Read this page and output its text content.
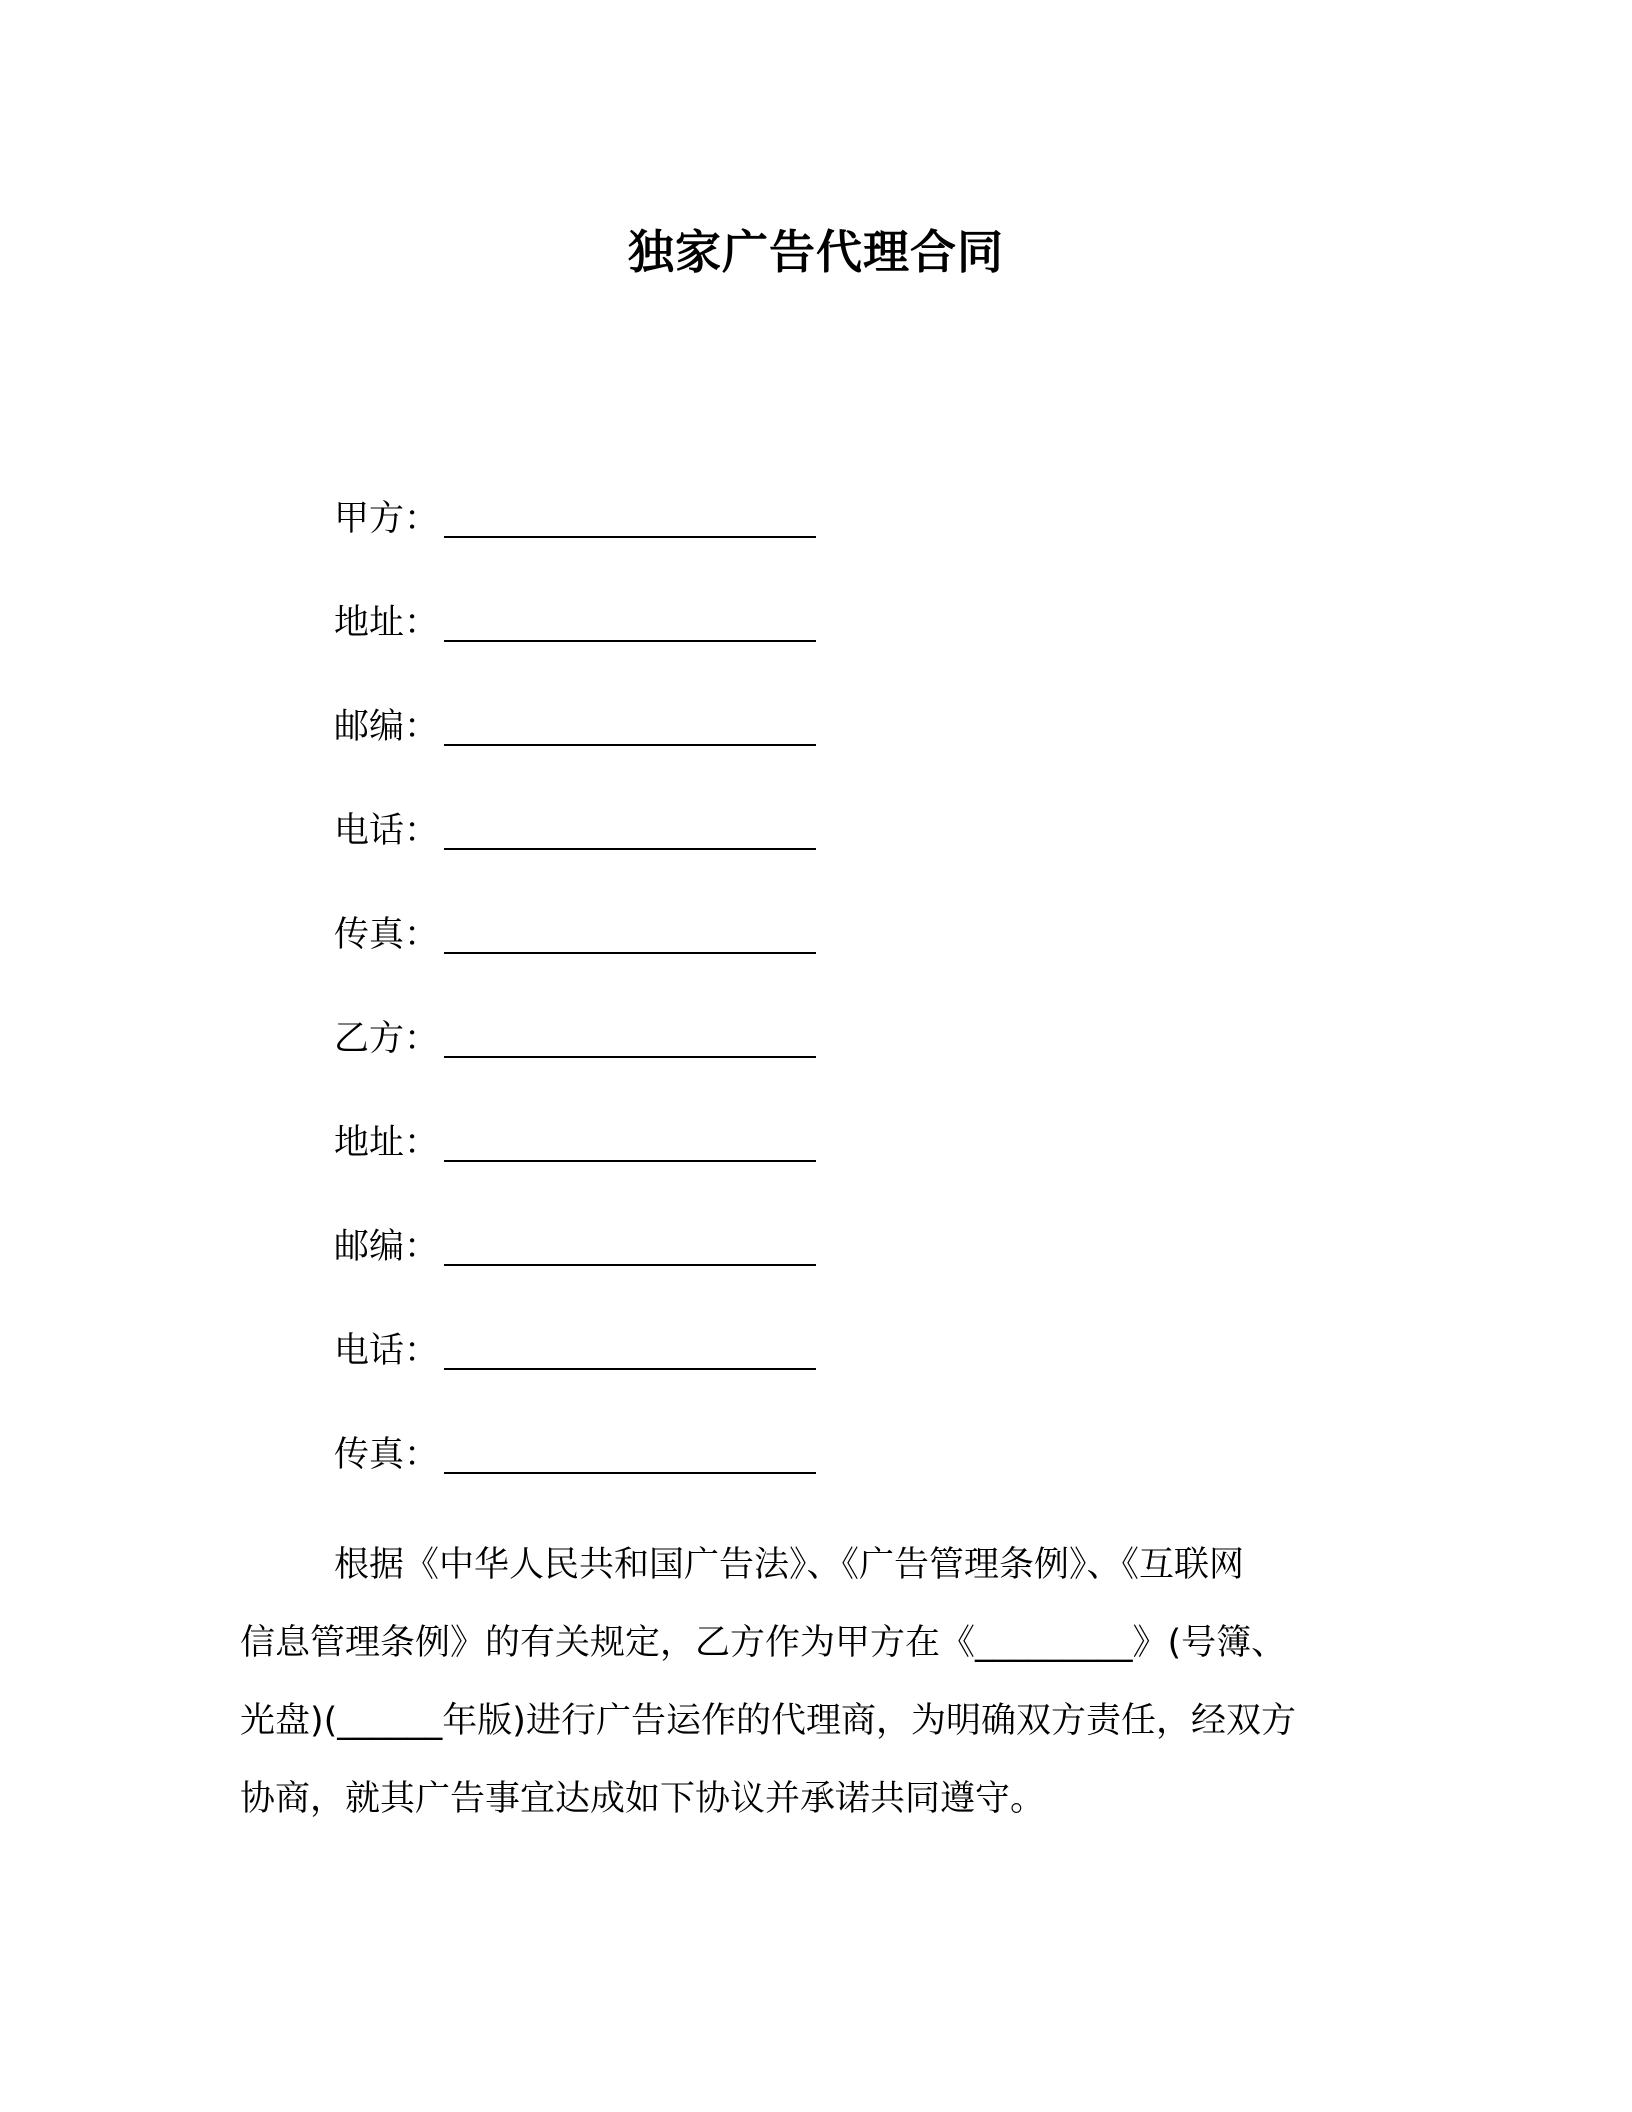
独家广告代理合同
甲方：
地址：
邮编：
电话：
传真：
乙方：
地址：
邮编：
电话：
传真：
根据《中华人民共和国广告法》、《广告管理条例》、《互联网
信息管理条例》的有关规定，乙方作为甲方在《_________》(号簿、
光盘)(______年版)进行广告运作的代理商，为明确双方责任，经双方
协商，就其广告事宜达成如下协议并承诺共同遵守。
